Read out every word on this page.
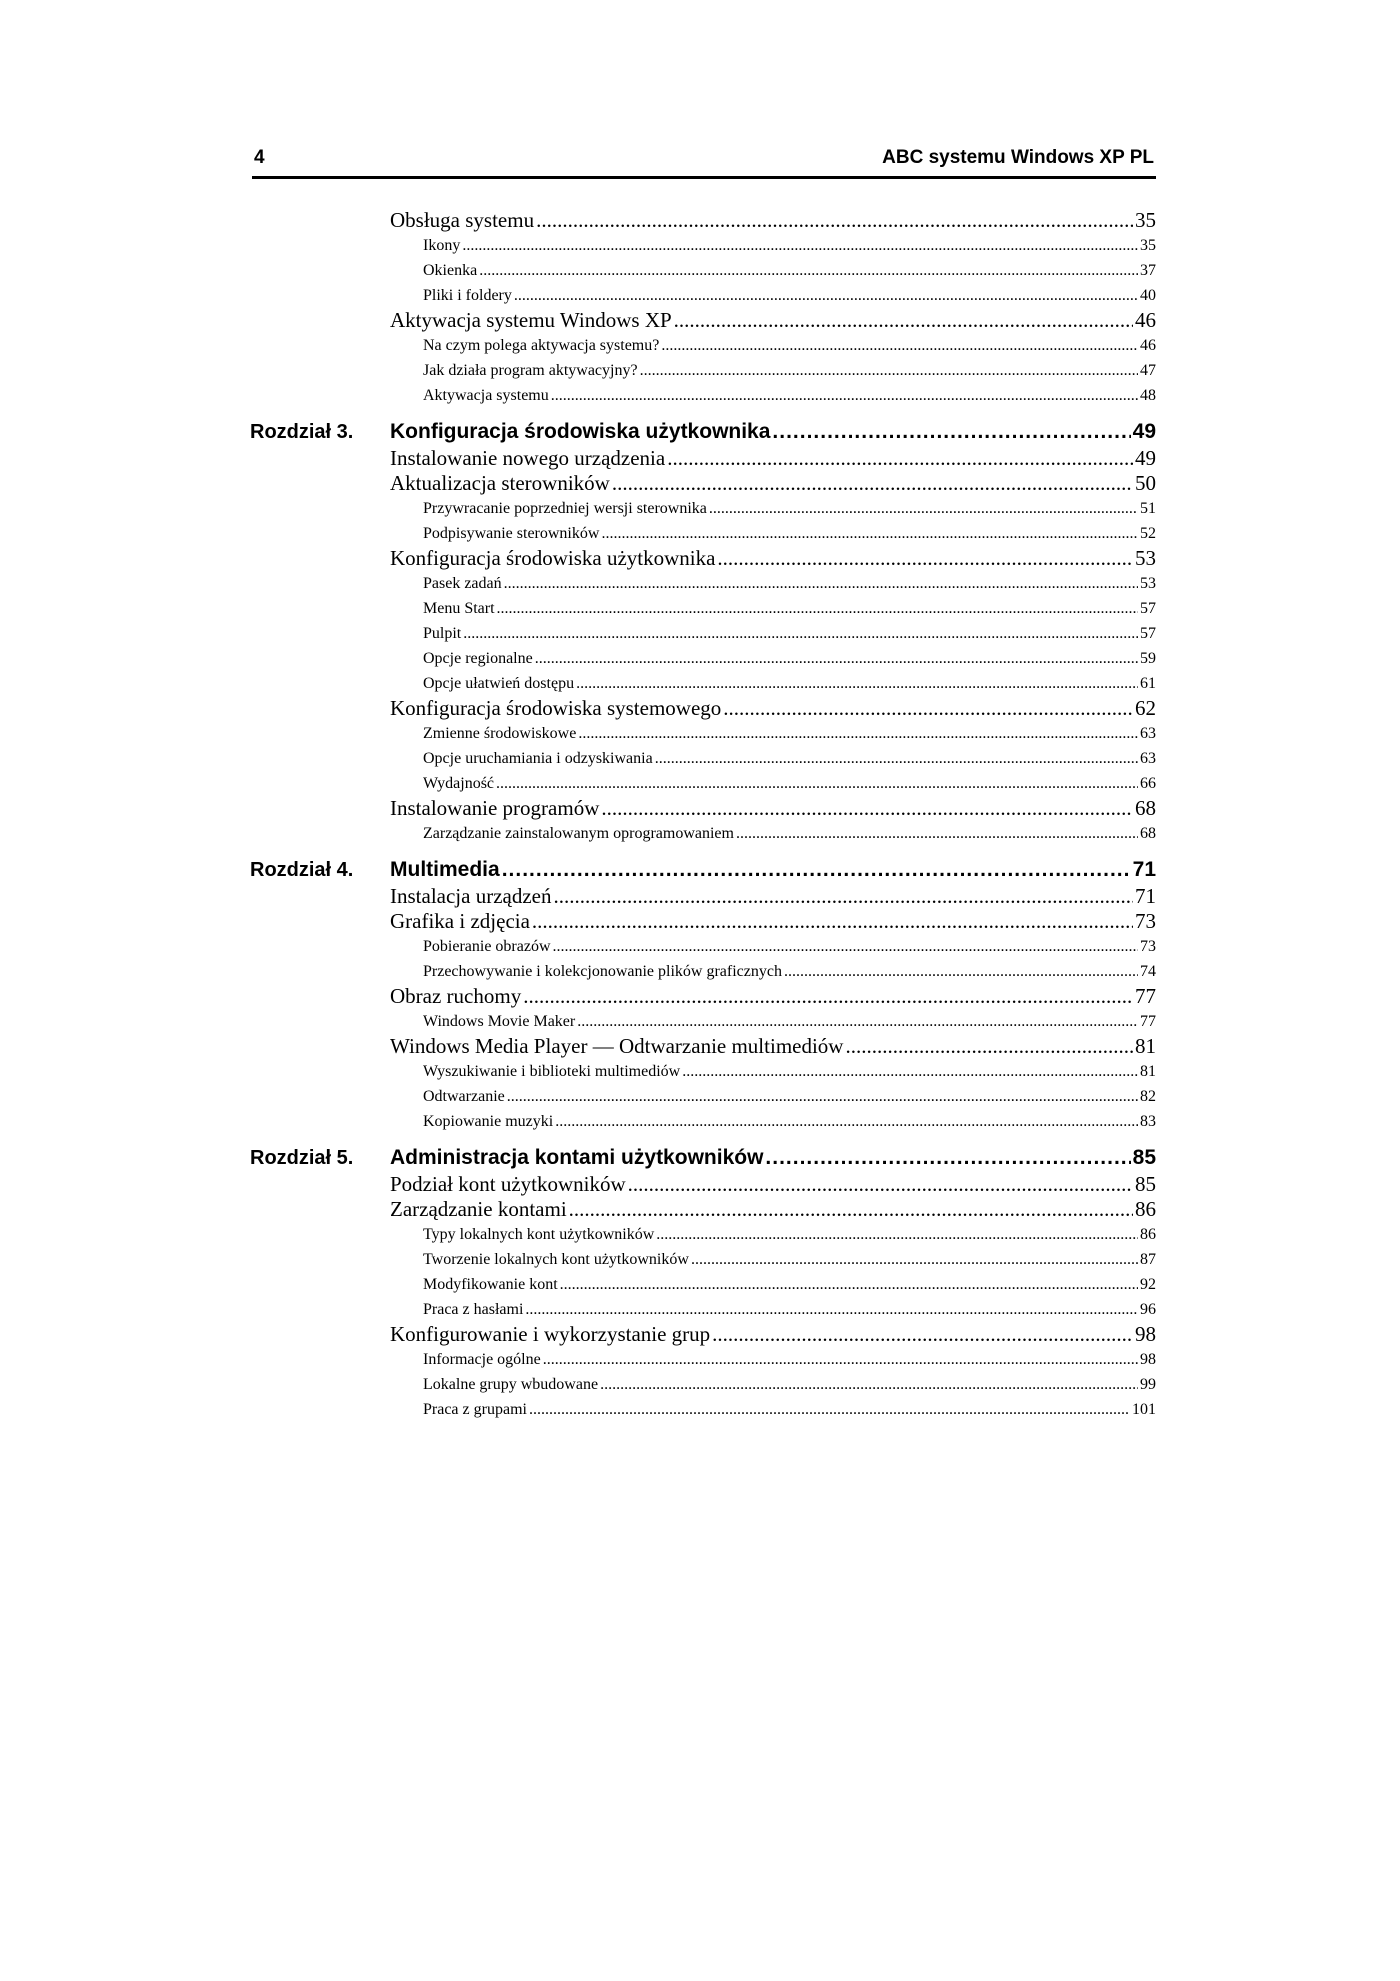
4	ABC systemu Windows XP PL
Obsługa systemu .....	35
Ikony .....	35
Okienka .....	37
Pliki i foldery .....	40
Aktywacja systemu Windows XP .....	46
Na czym polega aktywacja systemu? .....	46
Jak działa program aktywacyjny? .....	47
Aktywacja systemu .....	48
Rozdział 3. Konfiguracja środowiska użytkownika .....	49
Instalowanie nowego urządzenia .....	49
Aktualizacja sterowników .....	50
Przywracanie poprzedniej wersji sterownika .....	51
Podpisywanie sterowników .....	52
Konfiguracja środowiska użytkownika .....	53
Pasek zadań .....	53
Menu Start .....	57
Pulpit .....	57
Opcje regionalne .....	59
Opcje ułatwień dostępu .....	61
Konfiguracja środowiska systemowego .....	62
Zmienne środowiskowe .....	63
Opcje uruchamiania i odzyskiwania .....	63
Wydajność .....	66
Instalowanie programów .....	68
Zarządzanie zainstalowanym oprogramowaniem .....	68
Rozdział 4. Multimedia .....	71
Instalacja urządzeń .....	71
Grafika i zdjęcia .....	73
Pobieranie obrazów .....	73
Przechowywanie i kolekcjonowanie plików graficznych .....	74
Obraz ruchomy .....	77
Windows Movie Maker .....	77
Windows Media Player — Odtwarzanie multimediów .....	81
Wyszukiwanie i biblioteki multimediów .....	81
Odtwarzanie .....	82
Kopiowanie muzyki .....	83
Rozdział 5. Administracja kontami użytkowników .....	85
Podział kont użytkowników .....	85
Zarządzanie kontami .....	86
Typy lokalnych kont użytkowników .....	86
Tworzenie lokalnych kont użytkowników .....	87
Modyfikowanie kont .....	92
Praca z hasłami .....	96
Konfigurowanie i wykorzystanie grup .....	98
Informacje ogólne .....	98
Lokalne grupy wbudowane .....	99
Praca z grupami .....	101
